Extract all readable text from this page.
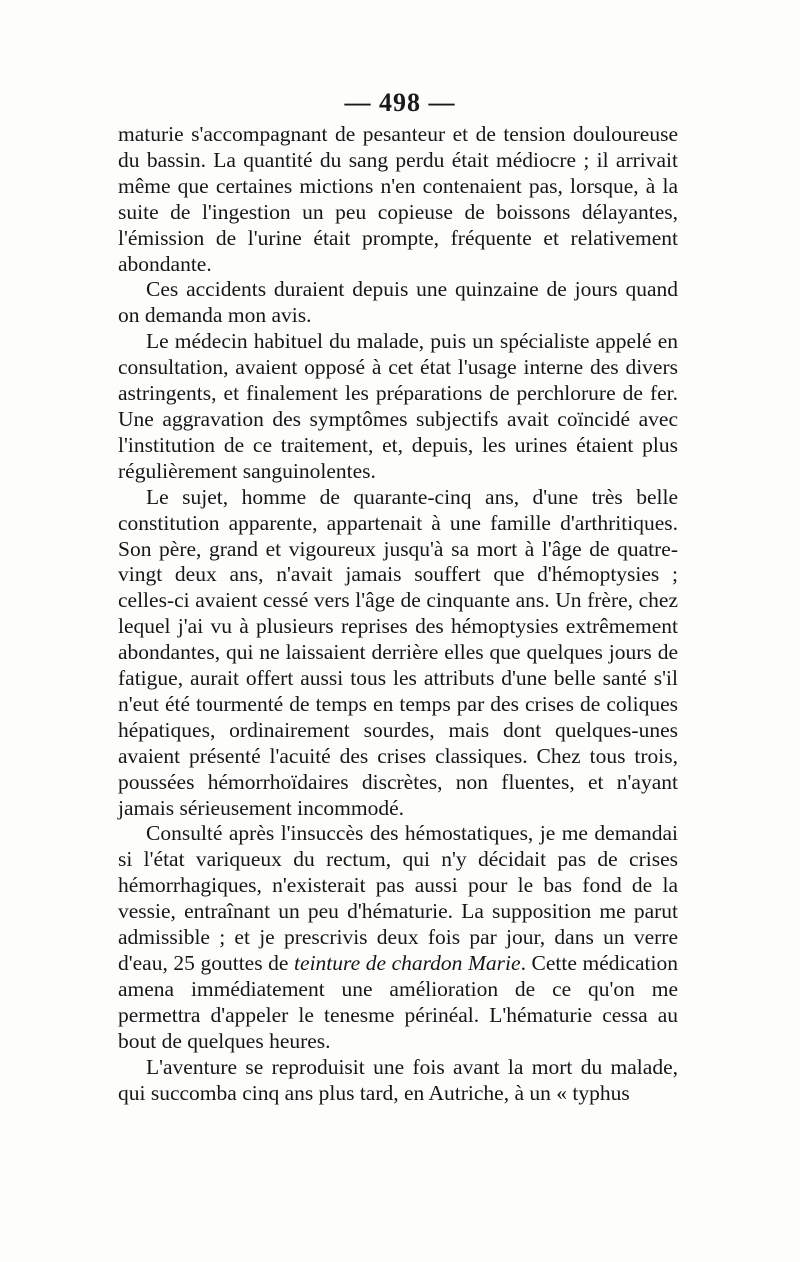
— 498 —

maturie s'accompagnant de pesanteur et de tension douloureuse du bassin. La quantité du sang perdu était médiocre ; il arrivait même que certaines mictions n'en contenaient pas, lorsque, à la suite de l'ingestion un peu copieuse de boissons délayantes, l'émission de l'urine était prompte, fréquente et relativement abondante.

Ces accidents duraient depuis une quinzaine de jours quand on demanda mon avis.

Le médecin habituel du malade, puis un spécialiste appelé en consultation, avaient opposé à cet état l'usage interne des divers astringents, et finalement les préparations de perchlorure de fer. Une aggravation des symptômes subjectifs avait coïncidé avec l'institution de ce traitement, et, depuis, les urines étaient plus régulièrement sanguinolentes.

Le sujet, homme de quarante-cinq ans, d'une très belle constitution apparente, appartenait à une famille d'arthritiques. Son père, grand et vigoureux jusqu'à sa mort à l'âge de quatre-vingt deux ans, n'avait jamais souffert que d'hémoptysies ; celles-ci avaient cessé vers l'âge de cinquante ans. Un frère, chez lequel j'ai vu à plusieurs reprises des hémoptysies extrêmement abondantes, qui ne laissaient derrière elles que quelques jours de fatigue, aurait offert aussi tous les attributs d'une belle santé s'il n'eut été tourmenté de temps en temps par des crises de coliques hépatiques, ordinairement sourdes, mais dont quelques-unes avaient présenté l'acuité des crises classiques. Chez tous trois, poussées hémorrhoïdaires discrètes, non fluentes, et n'ayant jamais sérieusement incommodé.

Consulté après l'insuccès des hémostatiques, je me demandai si l'état variqueux du rectum, qui n'y décidait pas de crises hémorrhagiques, n'existerait pas aussi pour le bas fond de la vessie, entraînant un peu d'hématurie. La supposition me parut admissible ; et je prescrivis deux fois par jour, dans un verre d'eau, 25 gouttes de teinture de chardon Marie. Cette médication amena immédiatement une amélioration de ce qu'on me permettra d'appeler le tenesme périnéal. L'hématurie cessa au bout de quelques heures.

L'aventure se reproduisit une fois avant la mort du malade, qui succomba cinq ans plus tard, en Autriche, à un « typhus
